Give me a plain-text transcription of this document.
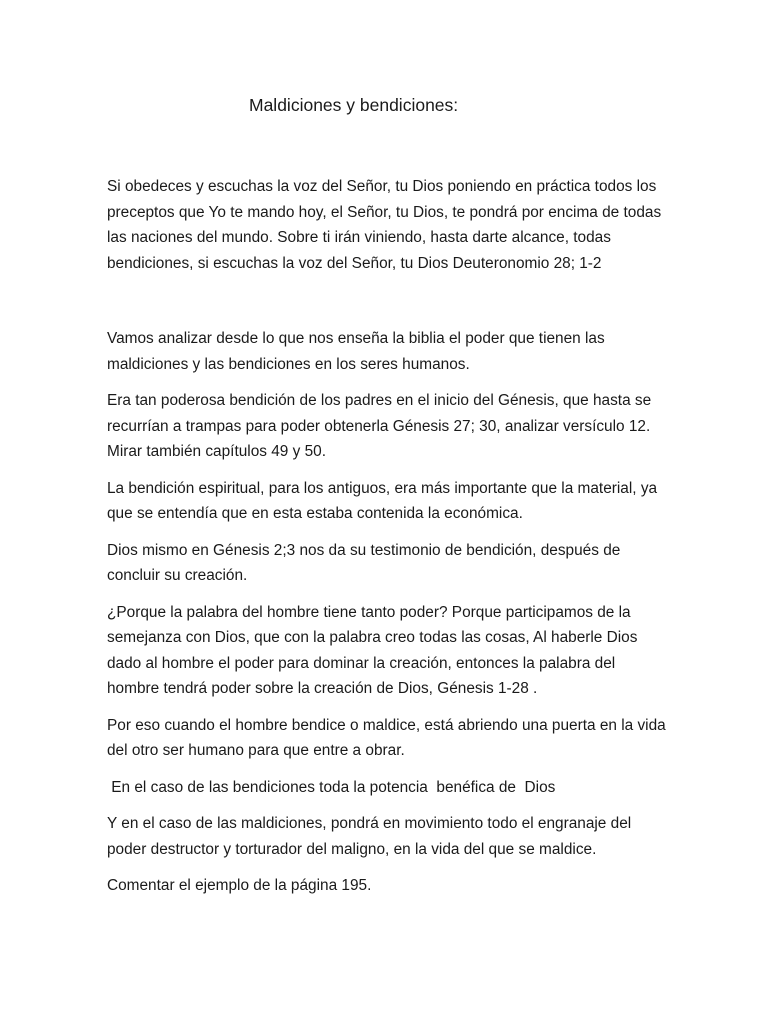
Maldiciones y bendiciones:

Si obedeces y escuchas la voz del Señor, tu Dios poniendo en práctica todos los preceptos que Yo te mando hoy, el Señor, tu Dios, te pondrá por encima de todas las naciones del mundo. Sobre ti irán viniendo, hasta darte alcance, todas bendiciones, si escuchas la voz del Señor, tu Dios Deuteronomio 28; 1-2

Vamos analizar desde lo que nos enseña la biblia el poder que tienen las maldiciones y las bendiciones en los seres humanos.

Era tan poderosa bendición de los padres en el inicio del Génesis, que hasta se recurrían a trampas para poder obtenerla Génesis 27; 30, analizar versículo 12. Mirar también capítulos 49 y 50.

La bendición espiritual, para los antiguos, era más importante que la material, ya que se entendía que en esta estaba contenida la económica.

Dios mismo en Génesis 2;3 nos da su testimonio de bendición, después de concluir su creación.

¿Porque la palabra del hombre tiene tanto poder? Porque participamos de la semejanza con Dios, que con la palabra creo todas las cosas, Al haberle Dios dado al hombre el poder para dominar la creación, entonces la palabra del hombre tendrá poder sobre la creación de Dios, Génesis 1-28 .

Por eso cuando el hombre bendice o maldice, está abriendo una puerta en la vida del otro ser humano para que entre a obrar.

En el caso de las bendiciones toda la potencia  benéfica de  Dios

Y en el caso de las maldiciones, pondrá en movimiento todo el engranaje del poder destructor y torturador del maligno, en la vida del que se maldice.

Comentar el ejemplo de la página 195.
